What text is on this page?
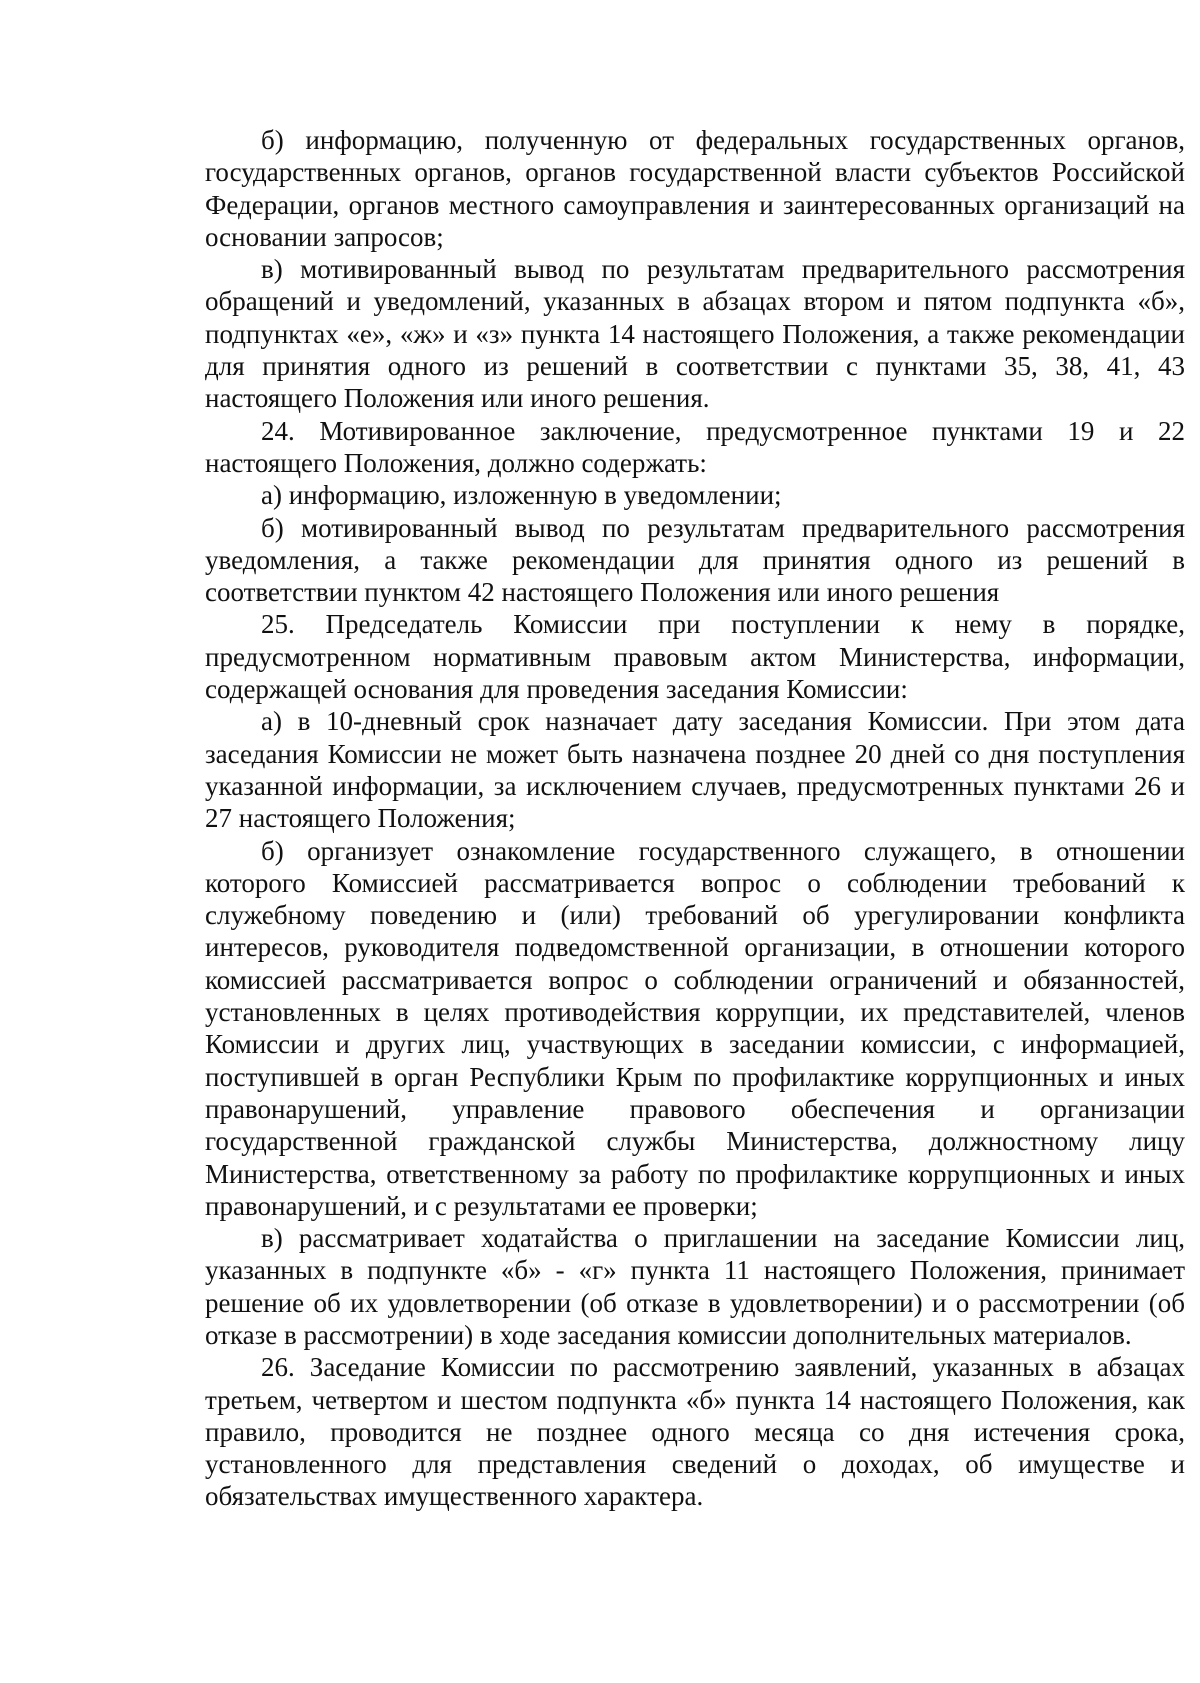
б) информацию, полученную от федеральных государственных органов, государственных органов, органов государственной власти субъектов Российской Федерации, органов местного самоуправления и заинтересованных организаций на основании запросов;

в) мотивированный вывод по результатам предварительного рассмотрения обращений и уведомлений, указанных в абзацах втором и пятом подпункта «б», подпунктах «е», «ж» и «з» пункта 14 настоящего Положения, а также рекомендации для принятия одного из решений в соответствии с пунктами 35, 38, 41, 43 настоящего Положения или иного решения.

24. Мотивированное заключение, предусмотренное пунктами 19 и 22 настоящего Положения, должно содержать:

а) информацию, изложенную в уведомлении;

б) мотивированный вывод по результатам предварительного рассмотрения уведомления, а также рекомендации для принятия одного из решений в соответствии пунктом 42 настоящего Положения или иного решения

25. Председатель Комиссии при поступлении к нему в порядке, предусмотренном нормативным правовым актом Министерства, информации, содержащей основания для проведения заседания Комиссии:

а) в 10-дневный срок назначает дату заседания Комиссии. При этом дата заседания Комиссии не может быть назначена позднее 20 дней со дня поступления указанной информации, за исключением случаев, предусмотренных пунктами 26 и 27 настоящего Положения;

б) организует ознакомление государственного служащего, в отношении которого Комиссией рассматривается вопрос о соблюдении требований к служебному поведению и (или) требований об урегулировании конфликта интересов, руководителя подведомственной организации, в отношении которого комиссией рассматривается вопрос о соблюдении ограничений и обязанностей, установленных в целях противодействия коррупции, их представителей, членов Комиссии и других лиц, участвующих в заседании комиссии, с информацией, поступившей в орган Республики Крым по профилактике коррупционных и иных правонарушений, управление правового обеспечения и организации государственной гражданской службы Министерства, должностному лицу Министерства, ответственному за работу по профилактике коррупционных и иных правонарушений, и с результатами ее проверки;

в) рассматривает ходатайства о приглашении на заседание Комиссии лиц, указанных в подпункте «б» - «г» пункта 11 настоящего Положения, принимает решение об их удовлетворении (об отказе в удовлетворении) и о рассмотрении (об отказе в рассмотрении) в ходе заседания комиссии дополнительных материалов.

26. Заседание Комиссии по рассмотрению заявлений, указанных в абзацах третьем, четвертом и шестом подпункта «б» пункта 14 настоящего Положения, как правило, проводится не позднее одного месяца со дня истечения срока, установленного для представления сведений о доходах, об имуществе и обязательствах имущественного характера.
